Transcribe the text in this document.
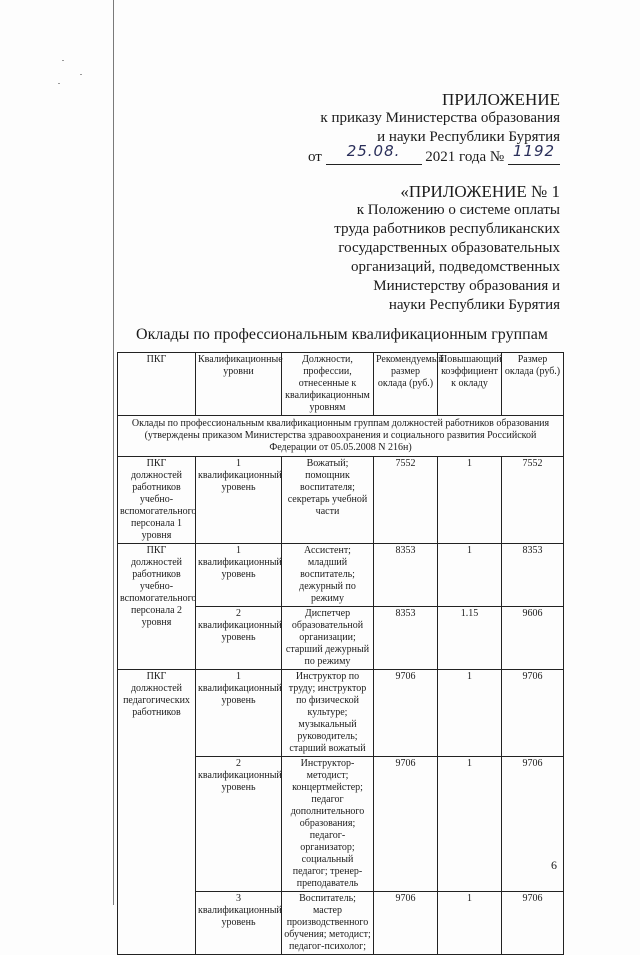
ПРИЛОЖЕНИЕ
к приказу Министерства образования
и науки Республики Бурятия
от 25.08. 2021 года № 1192
«ПРИЛОЖЕНИЕ № 1
к Положению о системе оплаты
труда работников республиканских
государственных образовательных
организаций, подведомственных
Министерству образования и
науки Республики Бурятия
Оклады по профессиональным квалификационным группам
ПКГ	Квалификационные уровни	Должности, профессии, отнесенные к квалификационным уровням	Рекомендуемый размер оклада (руб.)	Повышающий коэффициент к окладу	Размер оклада (руб.)
Оклады по профессиональным квалификационным группам должностей работников образования (утверждены приказом Министерства здравоохранения и социального развития Российской Федерации от 05.05.2008 N 216н)					
ПКГ должностей работников учебно-вспомогательного персонала 1 уровня	1 квалификационный уровень	Вожатый; помощник воспитателя; секретарь учебной части	7552	1	7552
ПКГ должностей работников учебно-вспомогательного персонала 2 уровня	1 квалификационный уровень	Ассистент; младший воспитатель; дежурный по режиму	8353	1	8353
	2 квалификационный уровень	Диспетчер образовательной организации; старший дежурный по режиму	8353	1.15	9606
ПКГ должностей педагогических работников	1 квалификационный уровень	Инструктор по труду; инструктор по физической культуре; музыкальный руководитель; старший вожатый	9706	1	9706
	2 квалификационный уровень	Инструктор-методист; концертмейстер; педагог дополнительного образования; педагог-организатор; социальный педагог; тренер-преподаватель	9706	1	9706
	3 квалификационный уровень	Воспитатель; мастер производственного обучения; методист; педагог-психолог;	9706	1	9706
6
